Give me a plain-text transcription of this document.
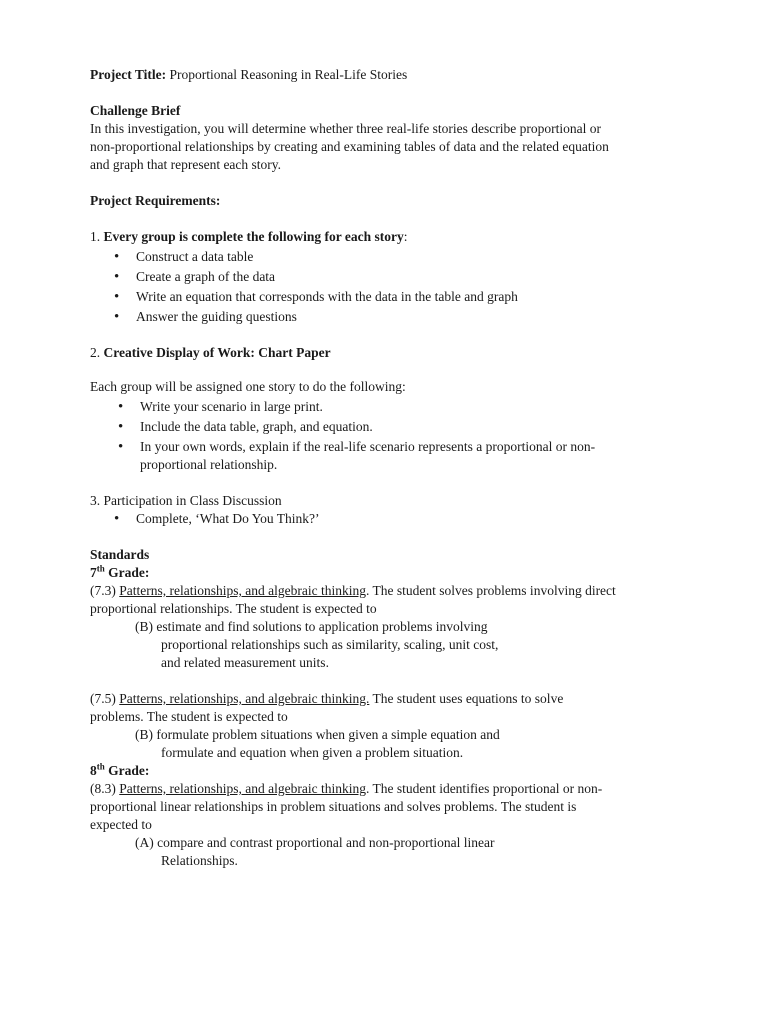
Project Title: Proportional Reasoning in Real-Life Stories

Challenge Brief

In this investigation, you will determine whether three real-life stories describe proportional or

non-proportional relationships by creating and examining tables of data and the related equation

and graph that represent each story.

Project Requirements:

1. Every group is complete the following for each story:

• Construct a data table
• Create a graph of the data
• Write an equation that corresponds with the data in the table and graph
• Answer the guiding questions

2. Creative Display of Work: Chart Paper

Each group will be assigned one story to do the following:

• Write your scenario in large print.
• Include the data table, graph, and equation.
• In your own words, explain if the real-life scenario represents a proportional or non-

proportional relationship.

3. Participation in Class Discussion

• Complete, ‘What Do You Think?’

Standards

7th Grade:

(7.3) Patterns, relationships, and algebraic thinking. The student solves problems involving direct

proportional relationships. The student is expected to

(B) estimate and find solutions to application problems involving

proportional relationships such as similarity, scaling, unit cost,

and related measurement units.

(7.5) Patterns, relationships, and algebraic thinking. The student uses equations to solve

problems. The student is expected to

(B) formulate problem situations when given a simple equation and

formulate and equation when given a problem situation.

8th Grade:

(8.3) Patterns, relationships, and algebraic thinking. The student identifies proportional or non-

proportional linear relationships in problem situations and solves problems. The student is

expected to

(A) compare and contrast proportional and non-proportional linear

Relationships.
